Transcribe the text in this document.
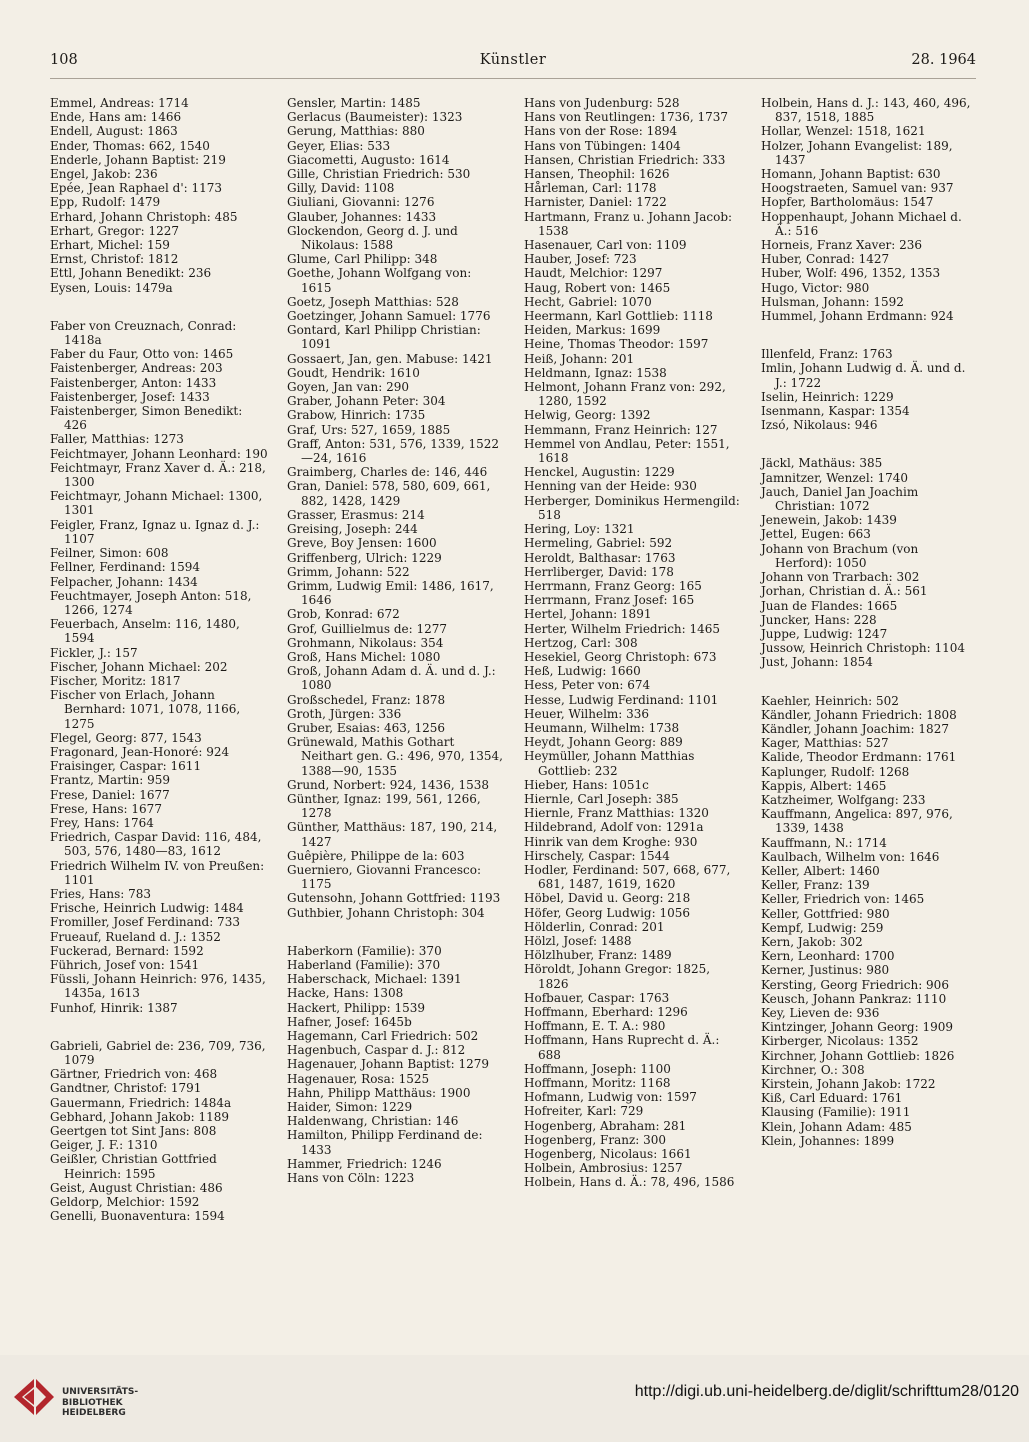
108	Künstler	28. 1964
Emmel, Andreas: 1714
Ende, Hans am: 1466
Endell, August: 1863
Ender, Thomas: 662, 1540
Enderle, Johann Baptist: 219
Engel, Jakob: 236
Epée, Jean Raphael d': 1173
Epp, Rudolf: 1479
Erhard, Johann Christoph: 485
Erhart, Gregor: 1227
Erhart, Michel: 159
Ernst, Christof: 1812
Ettl, Johann Benedikt: 236
Eysen, Louis: 1479a
Faber von Creuznach, Conrad: 1418a
Faber du Faur, Otto von: 1465
Faistenberger, Andreas: 203
Faistenberger, Anton: 1433
Faistenberger, Josef: 1433
Faistenberger, Simon Benedikt: 426
Faller, Matthias: 1273
Feichtmayer, Johann Leonhard: 190
Feichtmayr, Franz Xaver d. Ä.: 218, 1300
Feichtmayr, Johann Michael: 1300, 1301
Feigler, Franz, Ignaz u. Ignaz d. J.: 1107
Feilner, Simon: 608
Fellner, Ferdinand: 1594
Felpacher, Johann: 1434
Feuchtmayer, Joseph Anton: 518, 1266, 1274
Feuerbach, Anselm: 116, 1480, 1594
Fickler, J.: 157
Fischer, Johann Michael: 202
Fischer, Moritz: 1817
Fischer von Erlach, Johann Bernhard: 1071, 1078, 1166, 1275
Flegel, Georg: 877, 1543
Fragonard, Jean-Honoré: 924
Fraisinger, Caspar: 1611
Frantz, Martin: 959
Frese, Daniel: 1677
Frese, Hans: 1677
Frey, Hans: 1764
Friedrich, Caspar David: 116, 484, 503, 576, 1480—83, 1612
Friedrich Wilhelm IV. von Preußen: 1101
Fries, Hans: 783
Frische, Heinrich Ludwig: 1484
Fromiller, Josef Ferdinand: 733
Frueauf, Rueland d. J.: 1352
Fuckerad, Bernard: 1592
Führich, Josef von: 1541
Füssli, Johann Heinrich: 976, 1435, 1435a, 1613
Funhof, Hinrik: 1387
Gabrieli, Gabriel de: 236, 709, 736, 1079
Gärtner, Friedrich von: 468
Gandtner, Christof: 1791
Gauermann, Friedrich: 1484a
Gebhard, Johann Jakob: 1189
Geertgen tot Sint Jans: 808
Geiger, J. F.: 1310
Geißler, Christian Gottfried Heinrich: 1595
Geist, August Christian: 486
Geldorp, Melchior: 1592
Genelli, Buonaventura: 1594
Gensler, Martin: 1485
Gerlacus (Baumeister): 1323
Gerung, Matthias: 880
Geyer, Elias: 533
Giacometti, Augusto: 1614
Gille, Christian Friedrich: 530
Gilly, David: 1108
Giuliani, Giovanni: 1276
Glauber, Johannes: 1433
Glockendon, Georg d. J. und Nikolaus: 1588
Glume, Carl Philipp: 348
Goethe, Johann Wolfgang von: 1615
Goetz, Joseph Matthias: 528
Goetzinger, Johann Samuel: 1776
Gontard, Karl Philipp Christian: 1091
Gossaert, Jan, gen. Mabuse: 1421
Goudt, Hendrik: 1610
Goyen, Jan van: 290
Graber, Johann Peter: 304
Grabow, Hinrich: 1735
Graf, Urs: 527, 1659, 1885
Graff, Anton: 531, 576, 1339, 1522—24, 1616
Graimberg, Charles de: 146, 446
Gran, Daniel: 578, 580, 609, 661, 882, 1428, 1429
Grasser, Erasmus: 214
Greising, Joseph: 244
Greve, Boy Jensen: 1600
Griffenberg, Ulrich: 1229
Grimm, Johann: 522
Grimm, Ludwig Emil: 1486, 1617, 1646
Grob, Konrad: 672
Grof, Guillielmus de: 1277
Grohmann, Nikolaus: 354
Groß, Hans Michel: 1080
Groß, Johann Adam d. Ä. und d. J.: 1080
Großschedel, Franz: 1878
Groth, Jürgen: 336
Gruber, Esaias: 463, 1256
Grünewald, Mathis Gothart Neithart gen. G.: 496, 970, 1354, 1388—90, 1535
Grund, Norbert: 924, 1436, 1538
Günther, Ignaz: 199, 561, 1266, 1278
Günther, Matthäus: 187, 190, 214, 1427
Guêpière, Philippe de la: 603
Guerniero, Giovanni Francesco: 1175
Gutensohn, Johann Gottfried: 1193
Guthbier, Johann Christoph: 304
Haberkorn (Familie): 370
Haberland (Familie): 370
Haberschack, Michael: 1391
Hacke, Hans: 1308
Hackert, Philipp: 1539
Hafner, Josef: 1645b
Hagemann, Carl Friedrich: 502
Hagenbuch, Caspar d. J.: 812
Hagenauer, Johann Baptist: 1279
Hagenauer, Rosa: 1525
Hahn, Philipp Matthäus: 1900
Haider, Simon: 1229
Haldenwang, Christian: 146
Hamilton, Philipp Ferdinand de: 1433
Hammer, Friedrich: 1246
Hans von Cöln: 1223
Hans von Judenburg: 528
Hans von Reutlingen: 1736, 1737
Hans von der Rose: 1894
Hans von Tübingen: 1404
Hansen, Christian Friedrich: 333
Hansen, Theophil: 1626
Hårleman, Carl: 1178
Harnister, Daniel: 1722
Hartmann, Franz u. Johann Jacob: 1538
Hasenauer, Carl von: 1109
Hauber, Josef: 723
Haudt, Melchior: 1297
Haug, Robert von: 1465
Hecht, Gabriel: 1070
Heermann, Karl Gottlieb: 1118
Heiden, Markus: 1699
Heine, Thomas Theodor: 1597
Heiß, Johann: 201
Heldmann, Ignaz: 1538
Helmont, Johann Franz von: 292, 1280, 1592
Helwig, Georg: 1392
Hemmann, Franz Heinrich: 127
Hemmel von Andlau, Peter: 1551, 1618
Henckel, Augustin: 1229
Henning van der Heide: 930
Herberger, Dominikus Hermengild: 518
Hering, Loy: 1321
Hermeling, Gabriel: 592
Heroldt, Balthasar: 1763
Herrliberger, David: 178
Herrmann, Franz Georg: 165
Herrmann, Franz Josef: 165
Hertel, Johann: 1891
Herter, Wilhelm Friedrich: 1465
Hertzog, Carl: 308
Hesekiel, Georg Christoph: 673
Heß, Ludwig: 1660
Hess, Peter von: 674
Hesse, Ludwig Ferdinand: 1101
Heuer, Wilhelm: 336
Heumann, Wilhelm: 1738
Heydt, Johann Georg: 889
Heymüller, Johann Matthias Gottlieb: 232
Hieber, Hans: 1051c
Hiernle, Carl Joseph: 385
Hiernle, Franz Matthias: 1320
Hildebrand, Adolf von: 1291a
Hinrik van dem Kroghe: 930
Hirschely, Caspar: 1544
Hodler, Ferdinand: 507, 668, 677, 681, 1487, 1619, 1620
Höbel, David u. Georg: 218
Höfer, Georg Ludwig: 1056
Hölderlin, Conrad: 201
Hölzl, Josef: 1488
Hölzlhuber, Franz: 1489
Höroldt, Johann Gregor: 1825, 1826
Hofbauer, Caspar: 1763
Hoffmann, Eberhard: 1296
Hoffmann, E. T. A.: 980
Hoffmann, Hans Ruprecht d. Ä.: 688
Hoffmann, Joseph: 1100
Hoffmann, Moritz: 1168
Hofmann, Ludwig von: 1597
Hofreiter, Karl: 729
Hogenberg, Abraham: 281
Hogenberg, Franz: 300
Hogenberg, Nicolaus: 1661
Holbein, Ambrosius: 1257
Holbein, Hans d. Ä.: 78, 496, 1586
Holbein, Hans d. J.: 143, 460, 496, 837, 1518, 1885
Hollar, Wenzel: 1518, 1621
Holzer, Johann Evangelist: 189, 1437
Homann, Johann Baptist: 630
Hoogstraeten, Samuel van: 937
Hopfer, Bartholomäus: 1547
Hoppenhaupt, Johann Michael d. Ä.: 516
Horneis, Franz Xaver: 236
Huber, Conrad: 1427
Huber, Wolf: 496, 1352, 1353
Hugo, Victor: 980
Hulsman, Johann: 1592
Hummel, Johann Erdmann: 924
Illenfeld, Franz: 1763
Imlin, Johann Ludwig d. Ä. und d. J.: 1722
Iselin, Heinrich: 1229
Isenmann, Kaspar: 1354
Izsó, Nikolaus: 946
Jäckl, Mathäus: 385
Jamnitzer, Wenzel: 1740
Jauch, Daniel Jan Joachim Christian: 1072
Jenewein, Jakob: 1439
Jettel, Eugen: 663
Johann von Brachum (von Herford): 1050
Johann von Trarbach: 302
Jorhan, Christian d. Ä.: 561
Juan de Flandes: 1665
Juncker, Hans: 228
Juppe, Ludwig: 1247
Jussow, Heinrich Christoph: 1104
Just, Johann: 1854
Kaehler, Heinrich: 502
Kändler, Johann Friedrich: 1808
Kändler, Johann Joachim: 1827
Kager, Matthias: 527
Kalide, Theodor Erdmann: 1761
Kaplunger, Rudolf: 1268
Kappis, Albert: 1465
Katzheimer, Wolfgang: 233
Kauffmann, Angelica: 897, 976, 1339, 1438
Kauffmann, N.: 1714
Kaulbach, Wilhelm von: 1646
Keller, Albert: 1460
Keller, Franz: 139
Keller, Friedrich von: 1465
Keller, Gottfried: 980
Kempf, Ludwig: 259
Kern, Jakob: 302
Kern, Leonhard: 1700
Kerner, Justinus: 980
Kersting, Georg Friedrich: 906
Keusch, Johann Pankraz: 1110
Key, Lieven de: 936
Kintzinger, Johann Georg: 1909
Kirberger, Nicolaus: 1352
Kirchner, Johann Gottlieb: 1826
Kirchner, O.: 308
Kirstein, Johann Jakob: 1722
Kiß, Carl Eduard: 1761
Klausing (Familie): 1911
Klein, Johann Adam: 485
Klein, Johannes: 1899
UNIVERSITÄTS-
BIBLIOTHEK
HEIDELBERG
http://digi.ub.uni-heidelberg.de/diglit/schrifttum28/0120
